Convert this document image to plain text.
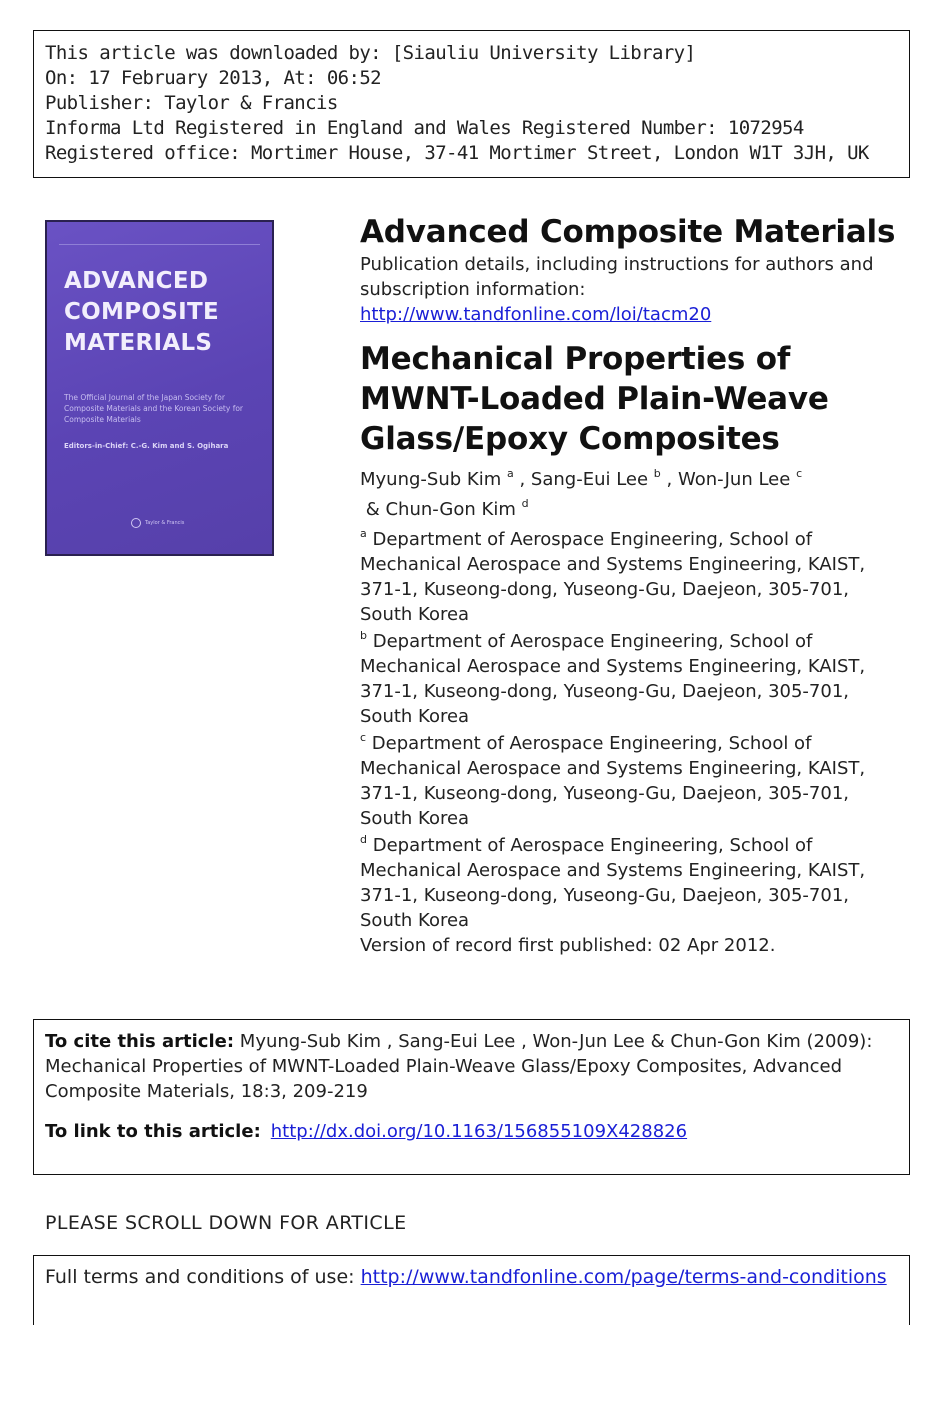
This article was downloaded by: [Siauliu University Library]
On: 17 February 2013, At: 06:52
Publisher: Taylor & Francis
Informa Ltd Registered in England and Wales Registered Number: 1072954
Registered office: Mortimer House, 37-41 Mortimer Street, London W1T 3JH, UK
ADVANCED
COMPOSITE
MATERIALS
The Official Journal of the Japan Society for Composite Materials and the Korean Society for Composite Materials
Editors-in-Chief: C.-G. Kim and S. Ogihara
Taylor & Francis
Advanced Composite Materials
Publication details, including instructions for authors and subscription information:
http://www.tandfonline.com/loi/tacm20
Mechanical Properties of MWNT-Loaded Plain-Weave Glass/Epoxy Composites
Myung-Sub Kim $^a$ , Sang-Eui Lee $^b$ , Won-Jun Lee $^c$ & Chun-Gon Kim $^d$
$^a$ Department of Aerospace Engineering, School of Mechanical Aerospace and Systems Engineering, KAIST, 371-1, Kuseong-dong, Yuseong-Gu, Daejeon, 305-701, South Korea
$^b$ Department of Aerospace Engineering, School of Mechanical Aerospace and Systems Engineering, KAIST, 371-1, Kuseong-dong, Yuseong-Gu, Daejeon, 305-701, South Korea
$^c$ Department of Aerospace Engineering, School of Mechanical Aerospace and Systems Engineering, KAIST, 371-1, Kuseong-dong, Yuseong-Gu, Daejeon, 305-701, South Korea
$^d$ Department of Aerospace Engineering, School of Mechanical Aerospace and Systems Engineering, KAIST, 371-1, Kuseong-dong, Yuseong-Gu, Daejeon, 305-701, South Korea
Version of record first published: 02 Apr 2012.
To cite this article: Myung-Sub Kim , Sang-Eui Lee , Won-Jun Lee & Chun-Gon Kim (2009): Mechanical Properties of MWNT-Loaded Plain-Weave Glass/Epoxy Composites, Advanced Composite Materials, 18:3, 209-219
To link to this article: http://dx.doi.org/10.1163/156855109X428826
PLEASE SCROLL DOWN FOR ARTICLE
Full terms and conditions of use: http://www.tandfonline.com/page/terms-and-conditions
